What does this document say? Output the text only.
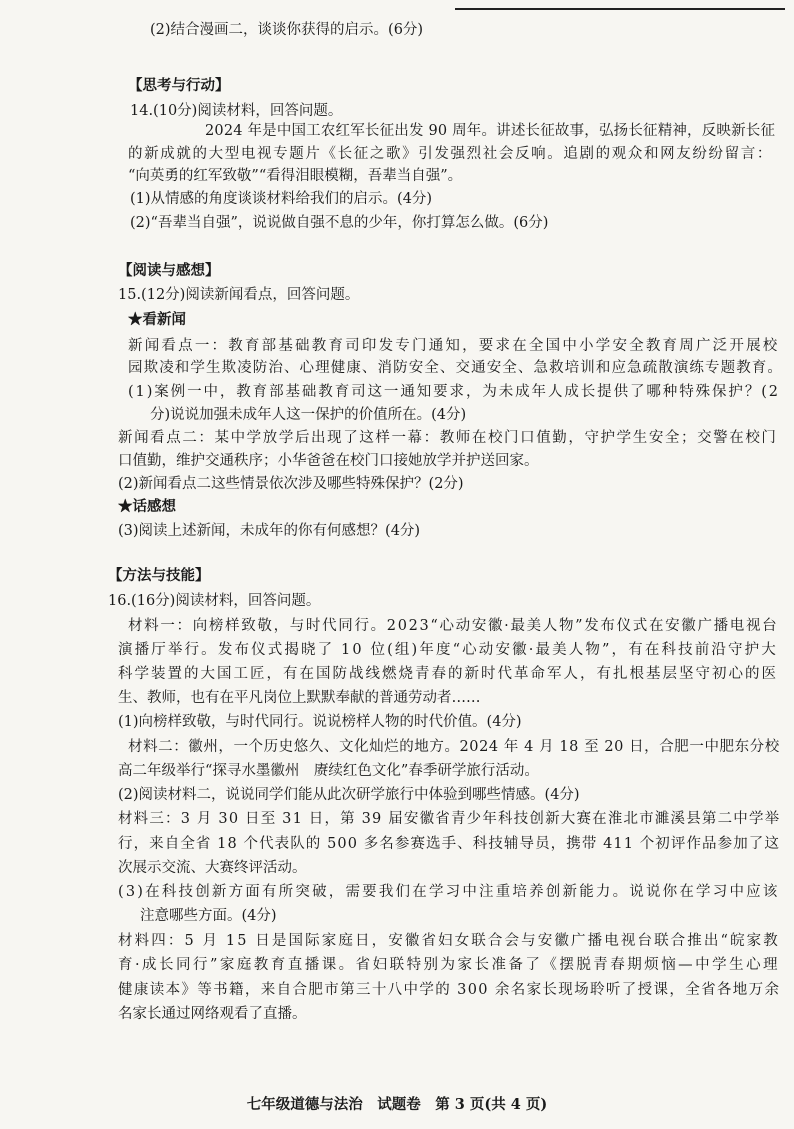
(2)结合漫画二，谈谈你获得的启示。(6分)
【思考与行动】
14.(10分)阅读材料，回答问题。
2024 年是中国工农红军长征出发 90 周年。讲述长征故事，弘扬长征精神，反映新长征
的新成就的大型电视专题片《长征之歌》引发强烈社会反响。追剧的观众和网友纷纷留言：
“向英勇的红军致敬”“看得泪眼模糊，吾辈当自强”。
(1)从情感的角度谈谈材料给我们的启示。(4分)
(2)“吾辈当自强”，说说做自强不息的少年，你打算怎么做。(6分)
【阅读与感想】
15.(12分)阅读新闻看点，回答问题。
★看新闻
新闻看点一：教育部基础教育司印发专门通知，要求在全国中小学安全教育周广泛开展校
园欺凌和学生欺凌防治、心理健康、消防安全、交通安全、急救培训和应急疏散演练专题教育。
(1)案例一中，教育部基础教育司这一通知要求，为未成年人成长提供了哪种特殊保护？(2
分)说说加强未成年人这一保护的价值所在。(4分)
新闻看点二：某中学放学后出现了这样一幕：教师在校门口值勤，守护学生安全；交警在校门
口值勤，维护交通秩序；小华爸爸在校门口接她放学并护送回家。
(2)新闻看点二这些情景依次涉及哪些特殊保护？(2分)
★话感想
(3)阅读上述新闻，未成年的你有何感想？(4分)
【方法与技能】
16.(16分)阅读材料，回答问题。
材料一：向榜样致敬，与时代同行。2023“心动安徽·最美人物”发布仪式在安徽广播电视台
演播厅举行。发布仪式揭晓了 10 位(组)年度“心动安徽·最美人物”，有在科技前沿守护大
科学装置的大国工匠，有在国防战线燃烧青春的新时代革命军人，有扎根基层坚守初心的医
生、教师，也有在平凡岗位上默默奉献的普通劳动者……
(1)向榜样致敬，与时代同行。说说榜样人物的时代价值。(4分)
材料二：徽州，一个历史悠久、文化灿烂的地方。2024 年 4 月 18 至 20 日，合肥一中肥东分校
高二年级举行“探寻水墨徽州　赓续红色文化”春季研学旅行活动。
(2)阅读材料二，说说同学们能从此次研学旅行中体验到哪些情感。(4分)
材料三：3 月 30 日至 31 日，第 39 届安徽省青少年科技创新大赛在淮北市濉溪县第二中学举
行，来自全省 18 个代表队的 500 多名参赛选手、科技辅导员，携带 411 个初评作品参加了这
次展示交流、大赛终评活动。
(3)在科技创新方面有所突破，需要我们在学习中注重培养创新能力。说说你在学习中应该
注意哪些方面。(4分)
材料四：5 月 15 日是国际家庭日，安徽省妇女联合会与安徽广播电视台联合推出“皖家教
育·成长同行”家庭教育直播课。省妇联特别为家长准备了《摆脱青春期烦恼—中学生心理
健康读本》等书籍，来自合肥市第三十八中学的 300 余名家长现场聆听了授课，全省各地万余
名家长通过网络观看了直播。
七年级道德与法治　试题卷　第 3 页(共 4 页)
